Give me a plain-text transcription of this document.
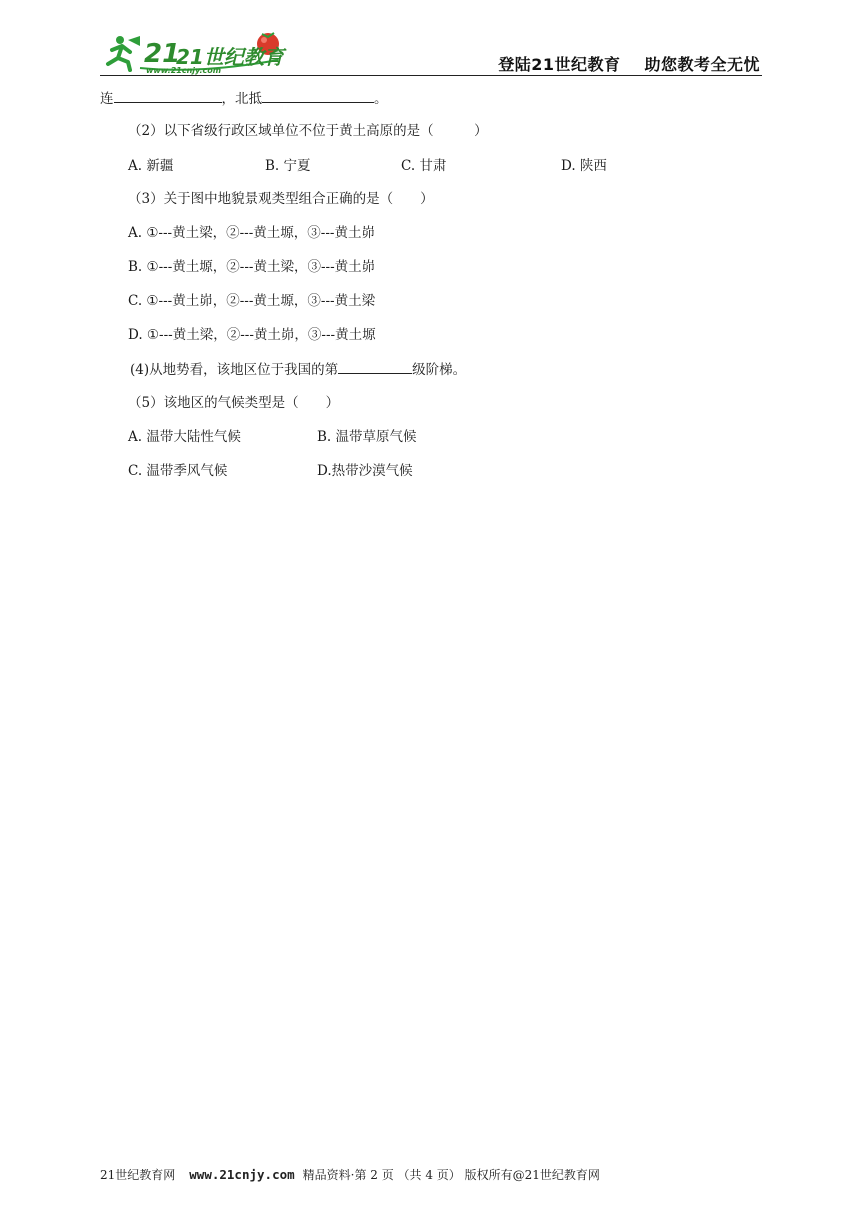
21
21世纪教育
www.21cnjy.com	登陆21世纪教育 助您教考全无忧
连	，北抵	。
（2）以下省级行政区域单位不位于黄土高原的是（　　　）
A. 新疆	B. 宁夏	C. 甘肃	D. 陕西
（3）关于图中地貌景观类型组合正确的是（　　）
A. ①---黄土梁，②---黄土塬，③---黄土峁
B. ①---黄土塬，②---黄土梁，③---黄土峁
C. ①---黄土峁，②---黄土塬，③---黄土梁
D. ①---黄土梁，②---黄土峁，③---黄土塬
(4)从地势看，该地区位于我国的第	级阶梯。
（5）该地区的气候类型是（　　）
A. 温带大陆性气候	B. 温带草原气候
C. 温带季风气候	D.热带沙漠气候
21世纪教育网 www.21cnjy.com 精品资料·第 2 页 （共 4 页） 版权所有@21世纪教育网
